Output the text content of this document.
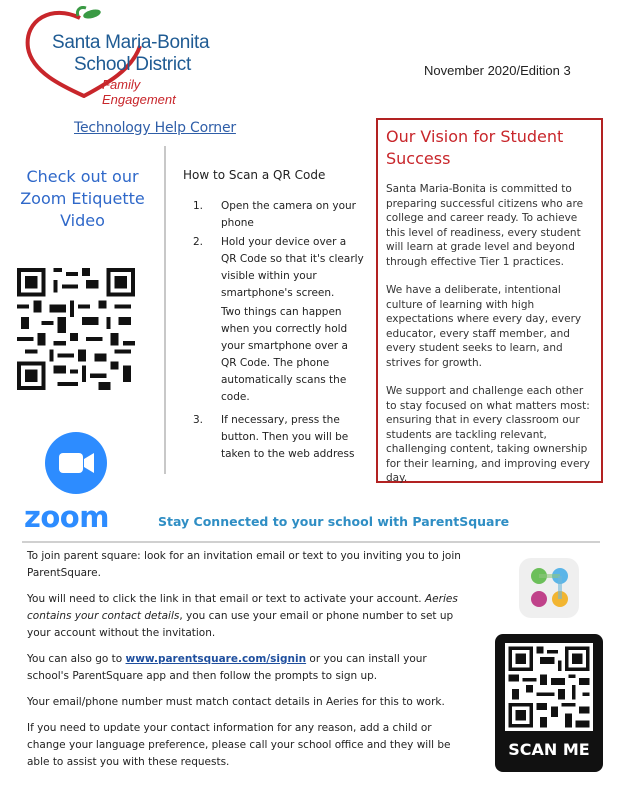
Santa Maria-Bonita
School District
Family Engagement
November 2020/Edition 3
Technology Help Corner
Check out our Zoom Etiquette Video
zoom
How to Scan a QR Code
1.	Open the camera on your phone
2.	Hold your device over a QR Code so that it's clearly visible within your smartphone's screen.
Two things can happen when you correctly hold your smartphone over a QR Code. The phone automatically scans the code.
3.	If necessary, press the button. Then you will be taken to the web address
Our Vision for Student Success

Santa Maria-Bonita is committed to preparing successful citizens who are college and career ready. To achieve this level of readiness, every student will learn at grade level and beyond through effective Tier 1 practices.

We have a deliberate, intentional culture of learning with high expectations where every day, every educator, every staff member, and every student seeks to learn, and strives for growth.

We support and challenge each other to stay focused on what matters most: ensuring that in every classroom our students are tackling relevant, challenging content, taking ownership for their learning, and improving every day.

Stay Connected to your school with ParentSquare

To join parent square: look for an invitation email or text to you inviting you to join ParentSquare.

You will need to click the link in that email or text to activate your account. Aeries contains your contact details, you can use your email or phone number to set up your account without the invitation.

You can also go to www.parentsquare.com/signin or you can install your school's ParentSquare app and then follow the prompts to sign up.

Your email/phone number must match contact details in Aeries for this to work.

If you need to update your contact information for any reason, add a child or change your language preference, please call your school office and they will be able to assist you with these requests.

SCAN ME
